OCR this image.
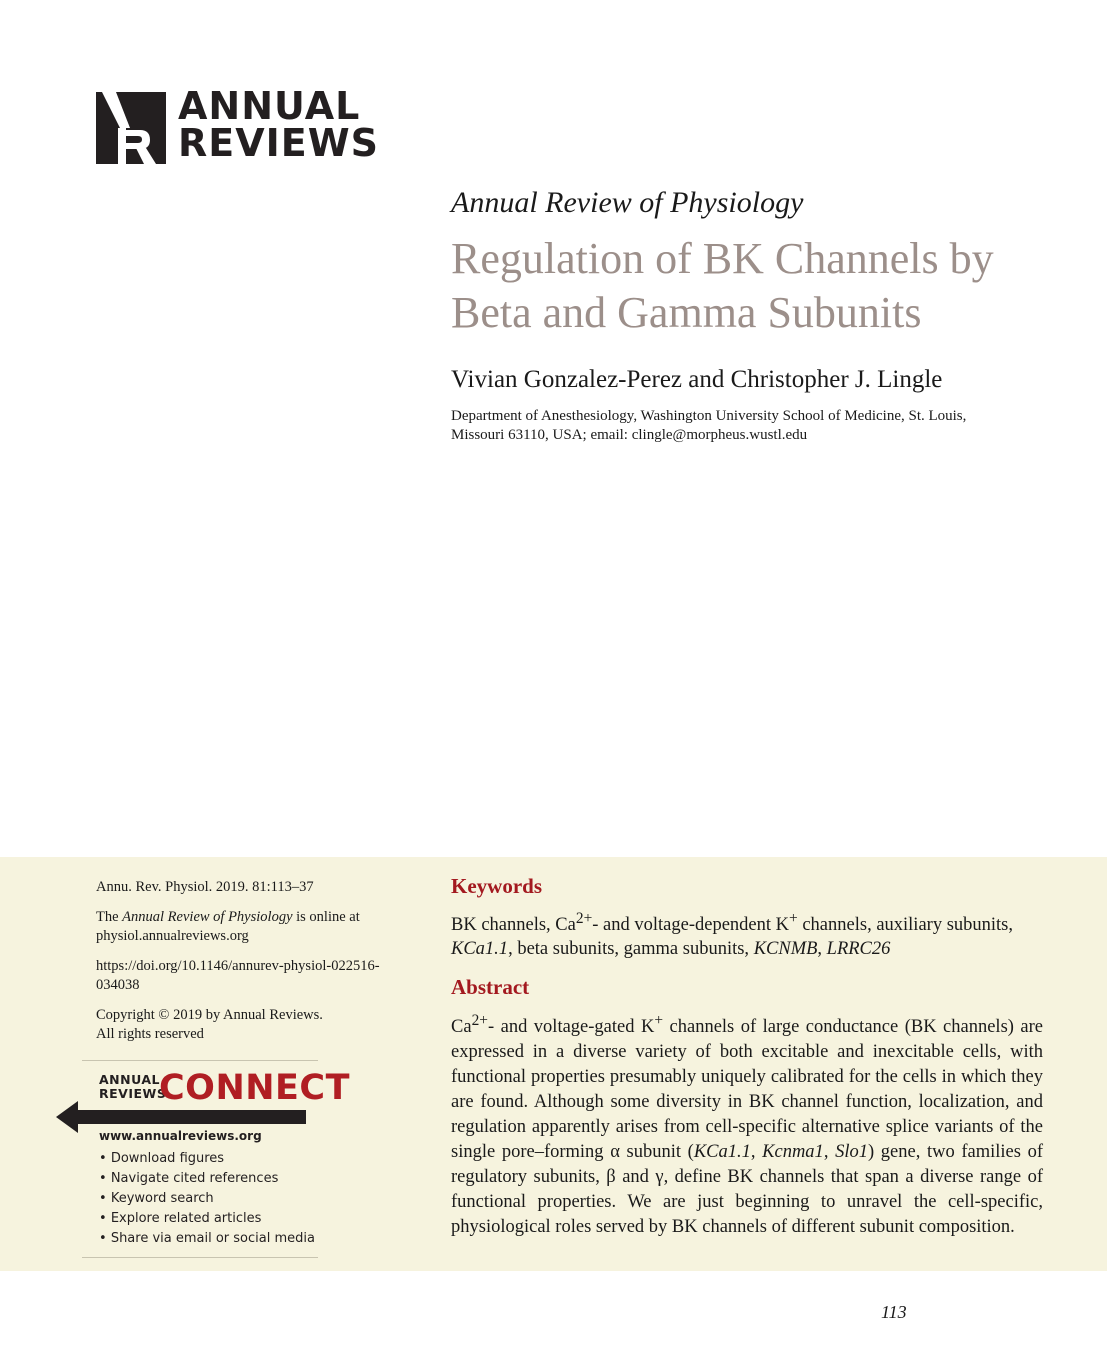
ANNUAL
REVIEWS
Annual Review of Physiology
Regulation of BK Channels by Beta and Gamma Subunits
Vivian Gonzalez-Perez and Christopher J. Lingle
Department of Anesthesiology, Washington University School of Medicine, St. Louis, Missouri 63110, USA; email: clingle@morpheus.wustl.edu

Annu. Rev. Physiol. 2019. 81:113–37

The Annual Review of Physiology is online at physiol.annualreviews.org

https://doi.org/10.1146/annurev-physiol-022516-034038

Copyright © 2019 by Annual Reviews.
All rights reserved

ANNUAL
REVIEWS
CONNECT
www.annualreviews.org
• Download figures
• Navigate cited references
• Keyword search
• Explore related articles
• Share via email or social media
Keywords

BK channels, $Ca^{2+}-$ and voltage-dependent K+ channels, auxiliary subunits, KCa1.1, beta subunits, gamma subunits, KCNMB, LRRC26

Abstract

$Ca^{2+}-$ and voltage-gated K+ channels of large conductance (BK channels) are expressed in a diverse variety of both excitable and inexcitable cells, with functional properties presumably uniquely calibrated for the cells in which they are found. Although some diversity in BK channel function, localization, and regulation apparently arises from cell-specific alternative splice variants of the single pore–forming α subunit (KCa1.1, Kcnma1, Slo1) gene, two families of regulatory subunits, β and γ, define BK channels that span a diverse range of functional properties. We are just beginning to unravel the cell-specific, physiological roles served by BK channels of different subunit composition.

113
